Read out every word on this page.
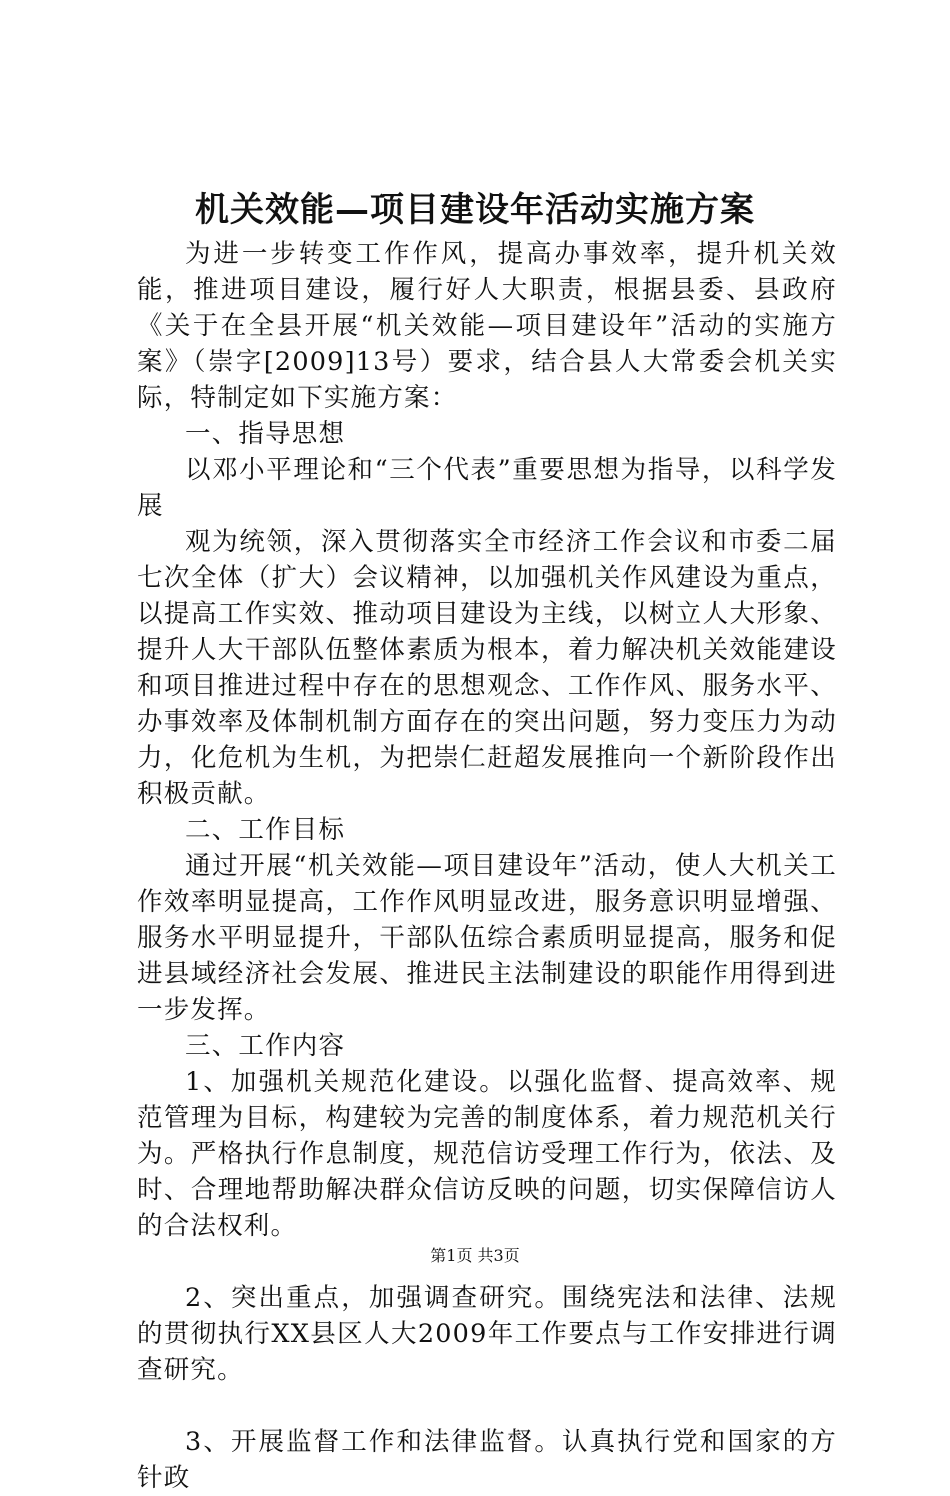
机关效能—项目建设年活动实施方案

为进一步转变工作作风，提高办事效率，提升机关效能，推进项目建设，履行好人大职责，根据县委、县政府《关于在全县开展“机关效能—项目建设年”活动的实施方案》（崇字[2009]13号）要求，结合县人大常委会机关实际，特制定如下实施方案：

一、指导思想

以邓小平理论和“三个代表”重要思想为指导，以科学发展

观为统领，深入贯彻落实全市经济工作会议和市委二届七次全体（扩大）会议精神，以加强机关作风建设为重点，以提高工作实效、推动项目建设为主线，以树立人大形象、提升人大干部队伍整体素质为根本，着力解决机关效能建设和项目推进过程中存在的思想观念、工作作风、服务水平、办事效率及体制机制方面存在的突出问题，努力变压力为动力，化危机为生机，为把崇仁赶超发展推向一个新阶段作出积极贡献。

二、工作目标

通过开展“机关效能—项目建设年”活动，使人大机关工作效率明显提高，工作作风明显改进，服务意识明显增强、服务水平明显提升，干部队伍综合素质明显提高，服务和促进县域经济社会发展、推进民主法制建设的职能作用得到进一步发挥。

三、工作内容

1、加强机关规范化建设。以强化监督、提高效率、规范管理为目标，构建较为完善的制度体系，着力规范机关行为。严格执行作息制度，规范信访受理工作行为，依法、及时、合理地帮助解决群众信访反映的问题，切实保障信访人的合法权利。

2、突出重点，加强调查研究。围绕宪法和法律、法规的贯彻执行XX县区人大2009年工作要点与工作安排进行调查研究。

3、开展监督工作和法律监督。认真执行党和国家的方针政

第1页 共3页
